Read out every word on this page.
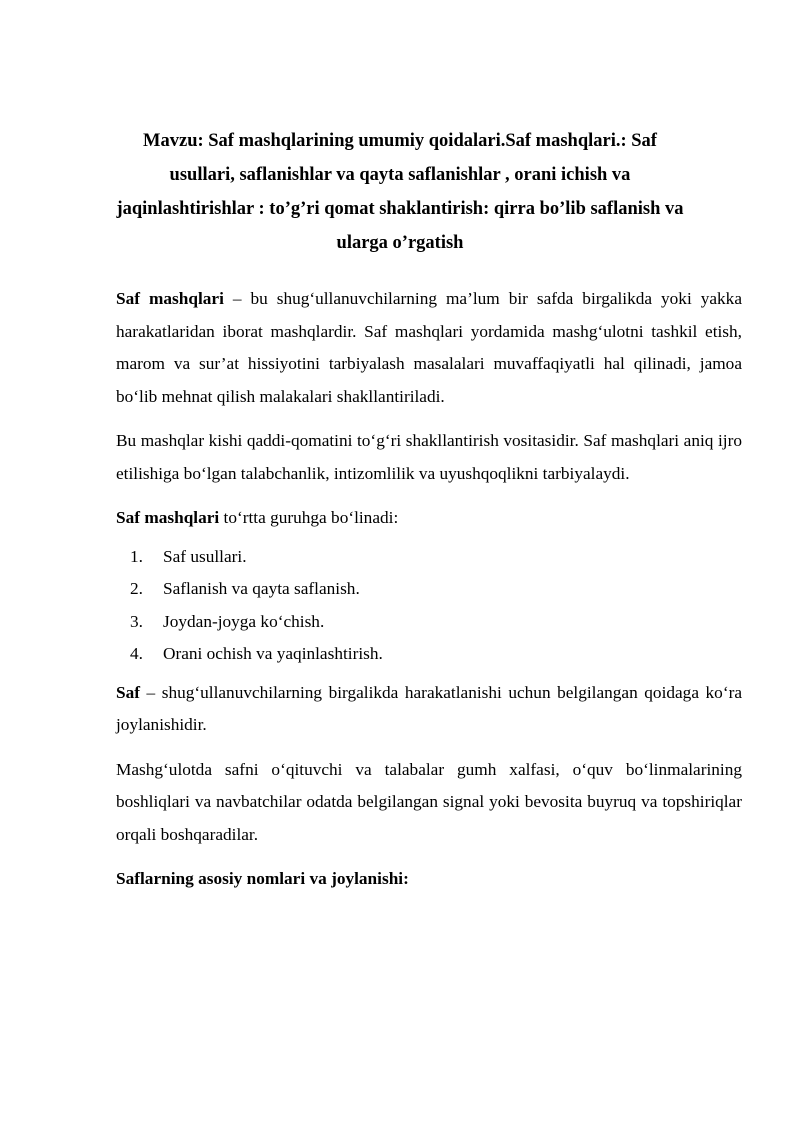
Mavzu: Saf mashqlarining umumiy qoidalari.Saf mashqlari.: Saf usullari, saflanishlar va qayta saflanishlar , orani ichish va jaqinlashtirishlar : to’g’ri qomat shaklantirish: qirra bo’lib saflanish va ularga o’rgatish

Saf mashqlari – bu shug‘ullanuvchilarning ma’lum bir safda birgalikda yoki yakka harakatlaridan iborat mashqlardir. Saf mashqlari yordamida mashg‘ulotni tashkil etish, marom va sur’at hissiyotini tarbiyalash masalalari muvaffaqiyatli hal qilinadi, jamoa bo‘lib mehnat qilish malakalari shakllantiriladi.

Bu mashqlar kishi qaddi-qomatini to‘g‘ri shakllantirish vositasidir. Saf mashqlari aniq ijro etilishiga bo‘lgan talabchanlik, intizomlilik va uyushqoqlikni tarbiyalaydi.

Saf mashqlari to‘rtta guruhga bo‘linadi:

1. Saf usullari.
2. Saflanish va qayta saflanish.
3. Joydan-joyga ko‘chish.
4. Orani ochish va yaqinlashtirish.

Saf – shug‘ullanuvchilarning birgalikda harakatlanishi uchun belgilangan qoidaga ko‘ra joylanishidir.

Mashg‘ulotda safni o‘qituvchi va talabalar gumh xalfasi, o‘quv bo‘linmalarining boshliqlari va navbatchilar odatda belgilangan signal yoki bevosita buyruq va topshiriqlar orqali boshqaradilar.

Saflarning asosiy nomlari va joylanishi:
